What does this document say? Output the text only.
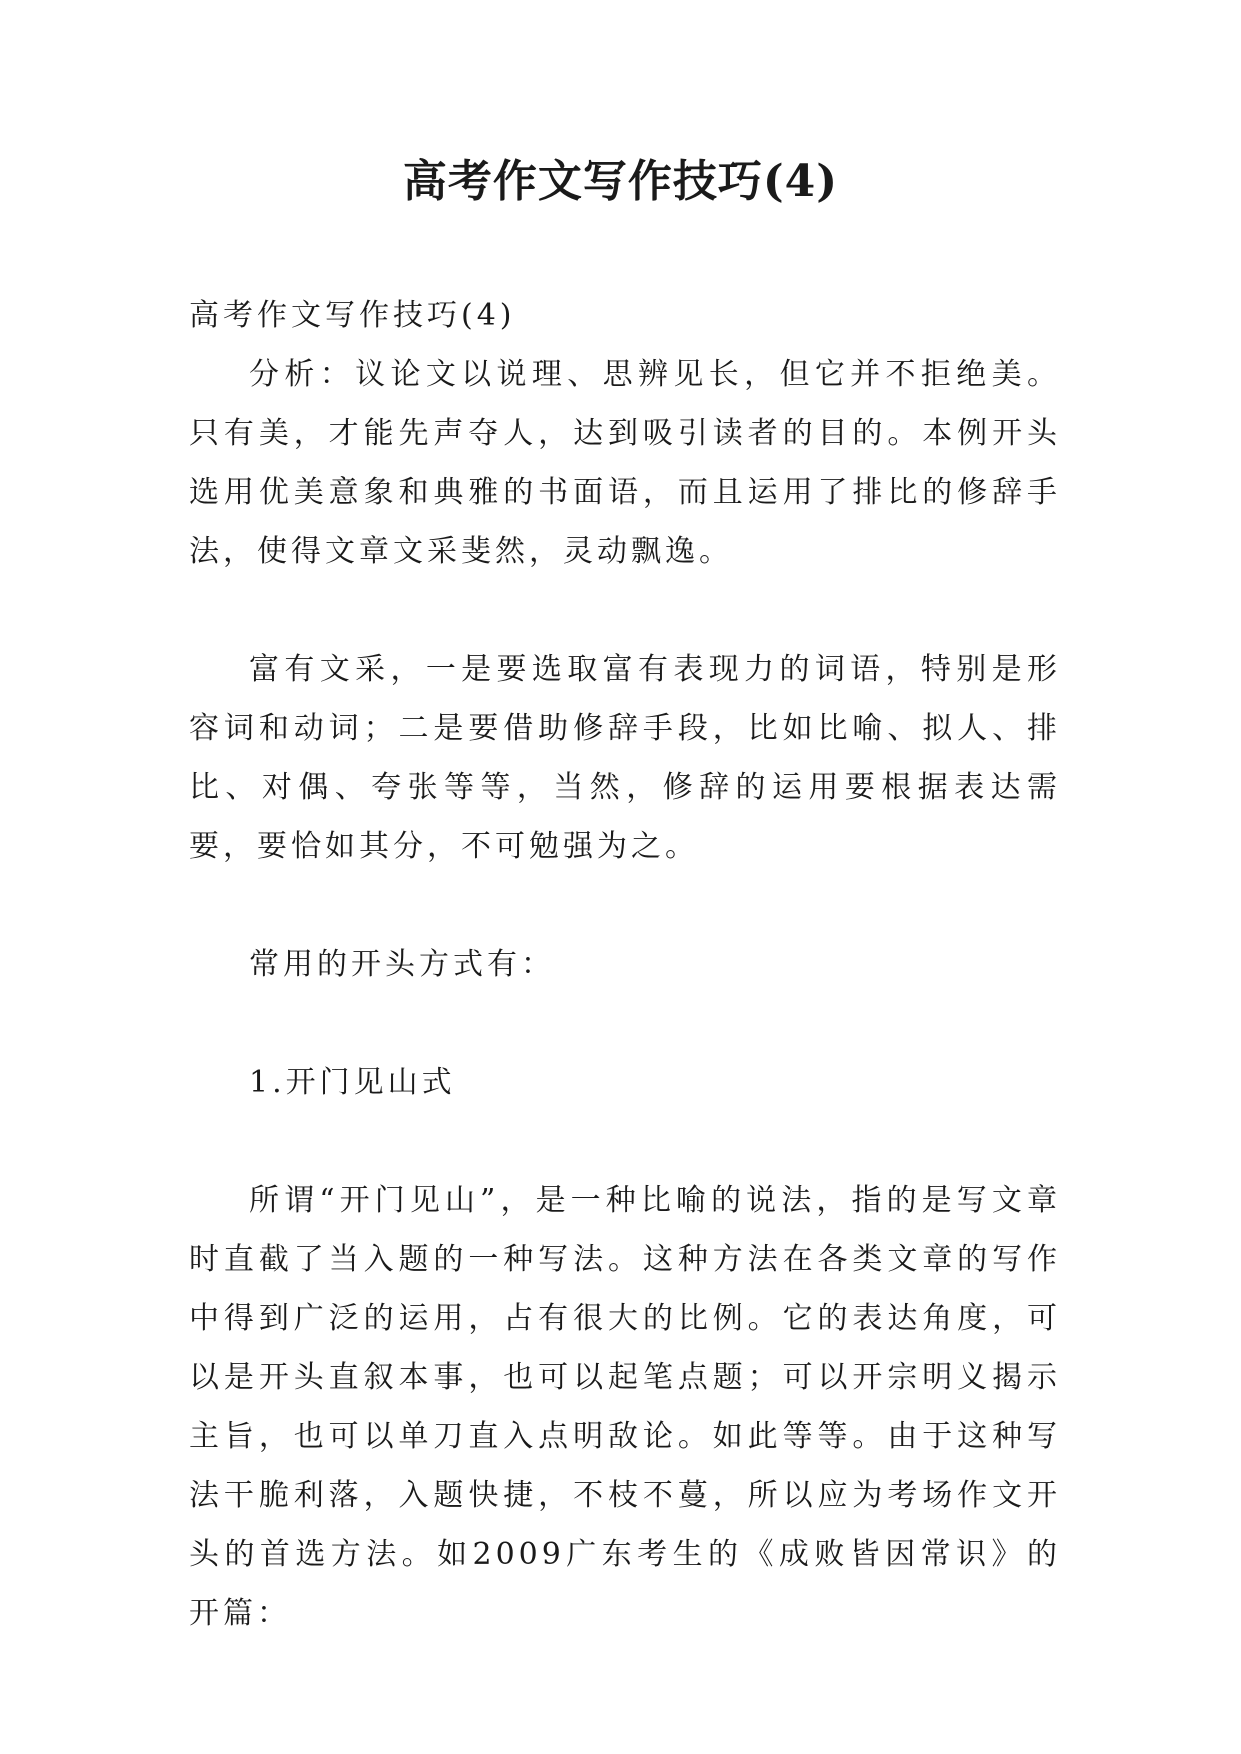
高考作文写作技巧(4)

高考作文写作技巧(4)

分析：议论文以说理、思辨见长，但它并不拒绝美。只有美，才能先声夺人，达到吸引读者的目的。本例开头选用优美意象和典雅的书面语，而且运用了排比的修辞手法，使得文章文采斐然，灵动飘逸。

富有文采，一是要选取富有表现力的词语，特别是形容词和动词；二是要借助修辞手段，比如比喻、拟人、排比、对偶、夸张等等，当然，修辞的运用要根据表达需要，要恰如其分，不可勉强为之。

常用的开头方式有：

1.开门见山式

所谓“开门见山”，是一种比喻的说法，指的是写文章时直截了当入题的一种写法。这种方法在各类文章的写作中得到广泛的运用，占有很大的比例。它的表达角度，可以是开头直叙本事，也可以起笔点题；可以开宗明义揭示主旨，也可以单刀直入点明敌论。如此等等。由于这种写法干脆利落，入题快捷，不枝不蔓，所以应为考场作文开头的首选方法。如2009广东考生的《成败皆因常识》的开篇：
